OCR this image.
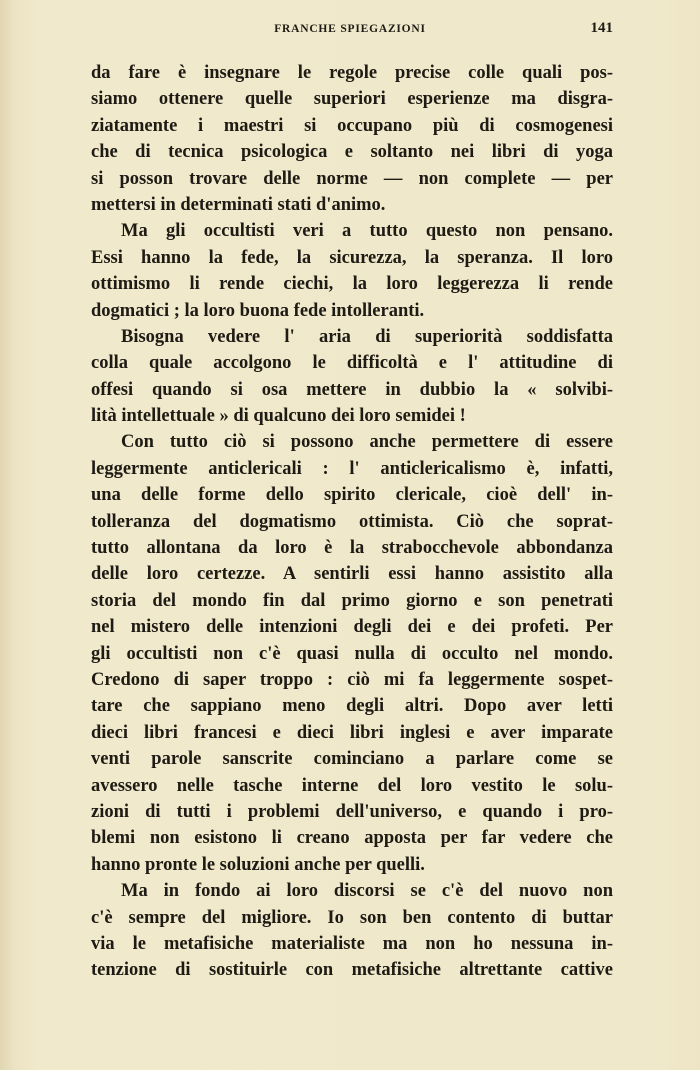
FRANCHE SPIEGAZIONI	141
da fare è insegnare le regole precise colle quali pos-
siamo ottenere quelle superiori esperienze ma disgra-
ziatamente i maestri si occupano più di cosmogenesi
che di tecnica psicologica e soltanto nei libri di yoga
si posson trovare delle norme — non complete — per
mettersi in determinati stati d'animo.
Ma gli occultisti veri a tutto questo non pensano.
Essi hanno la fede, la sicurezza, la speranza. Il loro
ottimismo li rende ciechi, la loro leggerezza li rende
dogmatici ; la loro buona fede intolleranti.
Bisogna vedere l' aria di superiorità soddisfatta
colla quale accolgono le difficoltà e l' attitudine di
offesi quando si osa mettere in dubbio la « solvibi-
lità intellettuale » di qualcuno dei loro semidei !
Con tutto ciò si possono anche permettere di essere
leggermente anticlericali : l' anticlericalismo è, infatti,
una delle forme dello spirito clericale, cioè dell' in-
tolleranza del dogmatismo ottimista. Ciò che soprat-
tutto allontana da loro è la strabocchevole abbondanza
delle loro certezze. A sentirli essi hanno assistito alla
storia del mondo fin dal primo giorno e son penetrati
nel mistero delle intenzioni degli dei e dei profeti. Per
gli occultisti non c'è quasi nulla di occulto nel mondo.
Credono di saper troppo : ciò mi fa leggermente sospet-
tare che sappiano meno degli altri. Dopo aver letti
dieci libri francesi e dieci libri inglesi e aver imparate
venti parole sanscrite cominciano a parlare come se
avessero nelle tasche interne del loro vestito le solu-
zioni di tutti i problemi dell'universo, e quando i pro-
blemi non esistono li creano apposta per far vedere che
hanno pronte le soluzioni anche per quelli.
Ma in fondo ai loro discorsi se c'è del nuovo non
c'è sempre del migliore. Io son ben contento di buttar
via le metafisiche materialiste ma non ho nessuna in-
tenzione di sostituirle con metafisiche altrettante cattive
